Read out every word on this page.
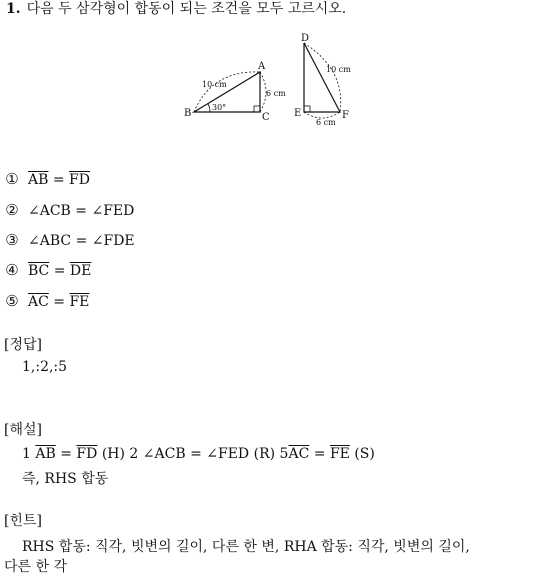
1. 다음 두 삼각형이 합동이 되는 조건을 모두 고르시오.
A
B	C
10 cm
6 cm
30°
D
E	F
10 cm
6 cm
① $\overline{AB} = \overline{FD}$
② ∠ACB = ∠FED
③ ∠ABC = ∠FDE
④ $\overline{BC} = \overline{DE}$
⑤ $\overline{AC} = \overline{FE}$
[정답]
1,:2,:5
[해설]
1 $\overline{AB} = \overline{FD}$ (H) 2 ∠ACB = ∠FED (R) $5\overline{AC} = \overline{FE}$ (S)
즉, RHS 합동
[힌트]
RHS 합동: 직각, 빗변의 길이, 다른 한 변, RHA 합동: 직각, 빗변의 길이,
다른 한 각
